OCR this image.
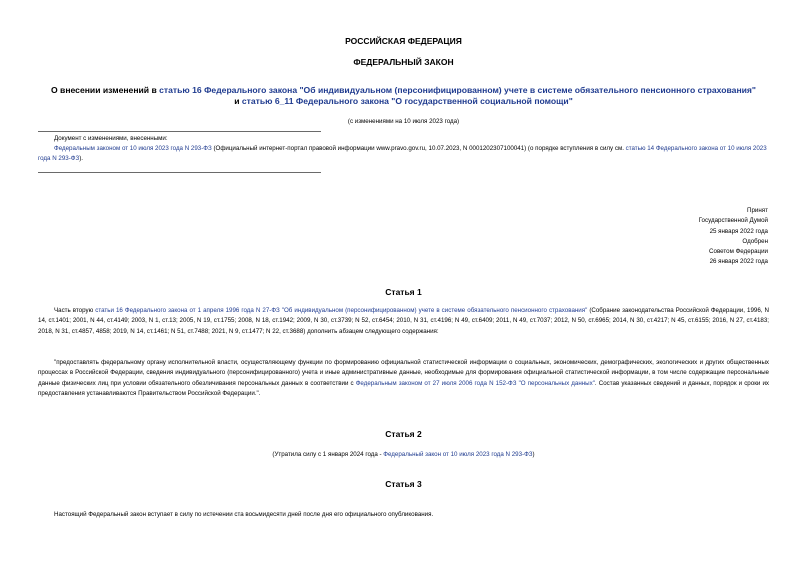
РОССИЙСКАЯ ФЕДЕРАЦИЯ
ФЕДЕРАЛЬНЫЙ ЗАКОН
О внесении изменений в статью 16 Федерального закона "Об индивидуальном (персонифицированном) учете в системе обязательного пенсионного страхования"
и статью 6_11 Федерального закона "О государственной социальной помощи"
(с изменениями на 10 июля 2023 года)
Документ с изменениями, внесенными:
Федеральным законом от 10 июля 2023 года N 293-ФЗ (Официальный интернет-портал правовой информации www.pravo.gov.ru, 10.07.2023, N 0001202307100041) (о порядке вступления в силу см. статью 14 Федерального закона от 10 июля 2023 года N 293-ФЗ).
Принят
Государственной Думой
25 января 2022 года
Одобрен
Советом Федерации
26 января 2022 года
Статья 1
Часть вторую статьи 16 Федерального закона от 1 апреля 1996 года N 27-ФЗ "Об индивидуальном (персонифицированном) учете в системе обязательного пенсионного страхования" (Собрание законодательства Российской Федерации, 1996, N 14, ст.1401; 2001, N 44, ст.4149; 2003, N 1, ст.13; 2005, N 19, ст.1755; 2008, N 18, ст.1942; 2009, N 30, ст.3739; N 52, ст.6454; 2010, N 31, ст.4196; N 49, ст.6409; 2011, N 49, ст.7037; 2012, N 50, ст.6965; 2014, N 30, ст.4217; N 45, ст.6155; 2016, N 27, ст.4183; 2018, N 31, ст.4857, 4858; 2019, N 14, ст.1461; N 51, ст.7488; 2021, N 9, ст.1477; N 22, ст.3688) дополнить абзацем следующего содержания:
"предоставлять федеральному органу исполнительной власти, осуществляющему функции по формированию официальной статистической информации о социальных, экономических, демографических, экологических и других общественных процессах в Российской Федерации, сведения индивидуального (персонифицированного) учета и иные административные данные, необходимые для формирования официальной статистической информации, в том числе содержащие персональные данные физических лиц при условии обязательного обезличивания персональных данных в соответствии с Федеральным законом от 27 июля 2006 года N 152-ФЗ "О персональных данных". Состав указанных сведений и данных, порядок и сроки их предоставления устанавливаются Правительством Российской Федерации.".
Статья 2
(Утратила силу с 1 января 2024 года - Федеральный закон от 10 июля 2023 года N 293-ФЗ)
Статья 3
Настоящий Федеральный закон вступает в силу по истечении ста восьмидесяти дней после дня его официального опубликования.
